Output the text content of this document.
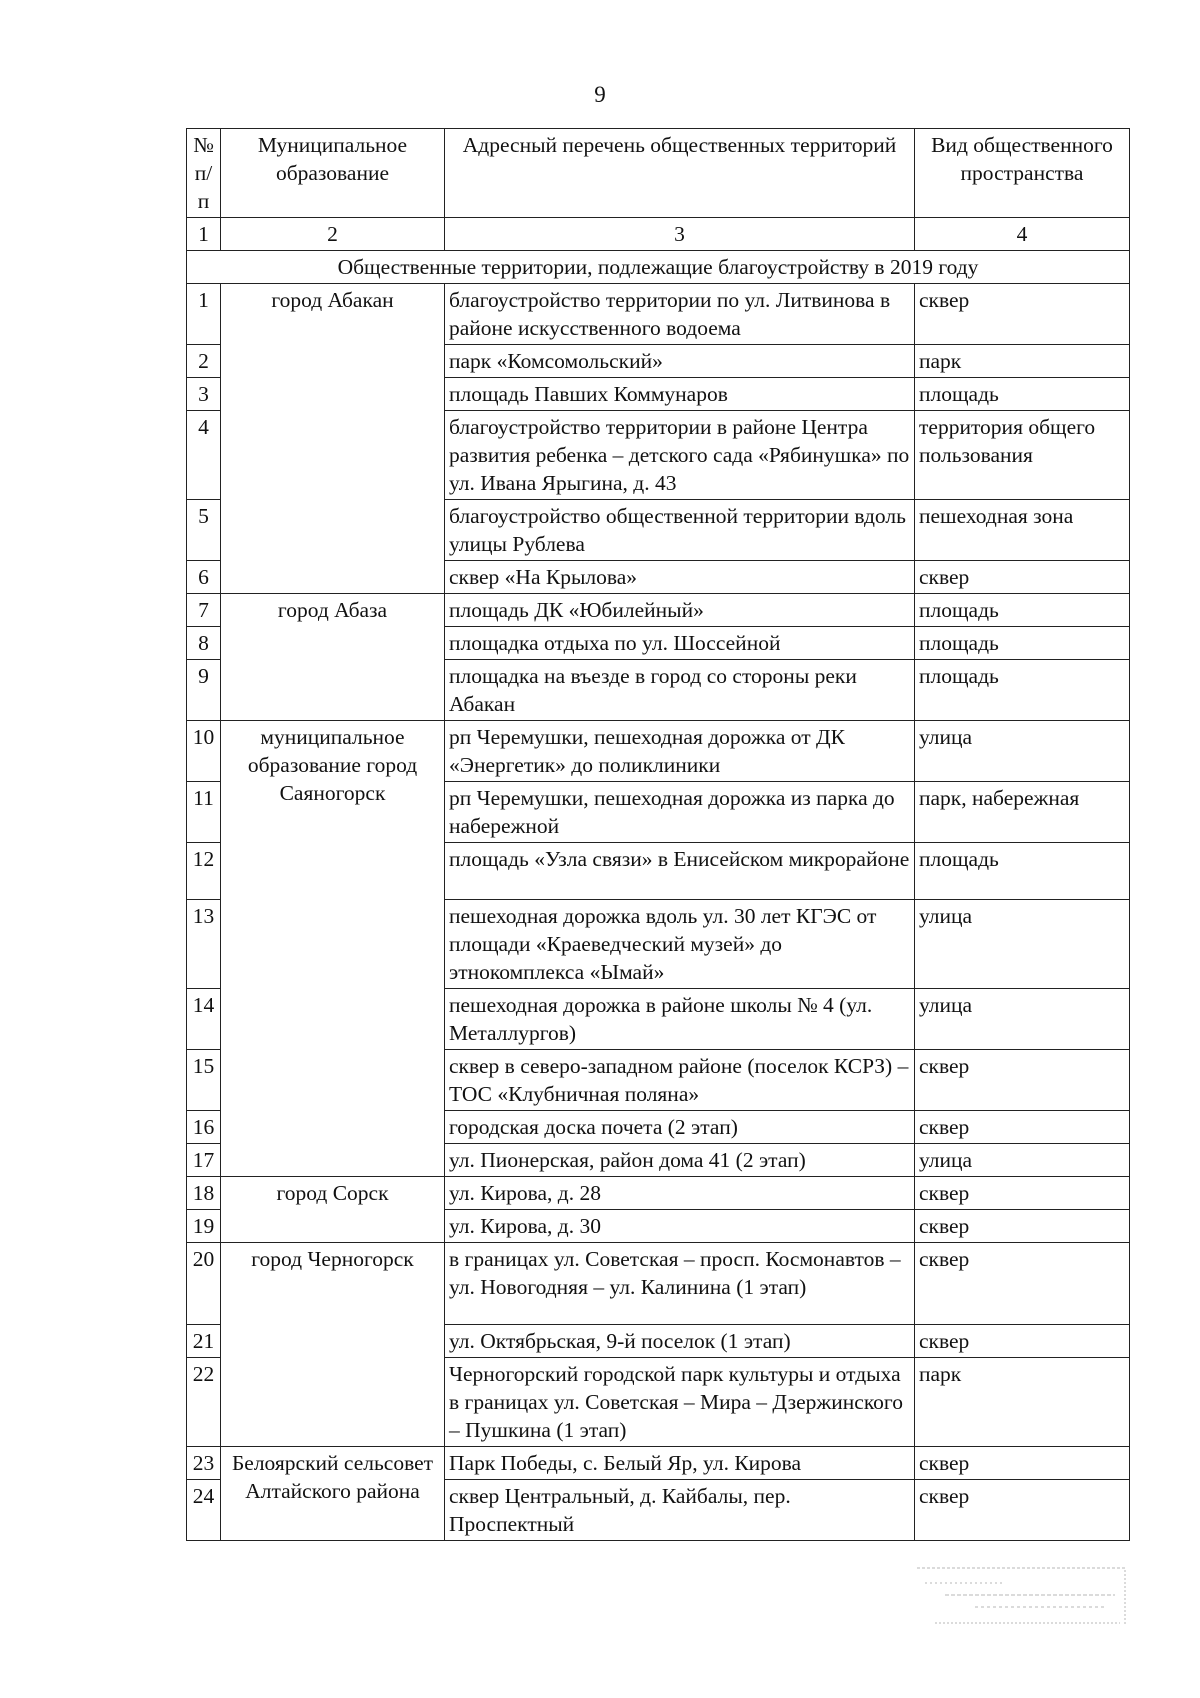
9
№ п/п	Муниципальное образование	Адресный перечень общественных территорий	Вид общественного пространства
1	2	3	4
Общественные территории, подлежащие благоустройству в 2019 году			
1	город Абакан	благоустройство территории по ул. Литвинова в районе искусственного водоема	сквер
2		парк «Комсомольский»	парк
3		площадь Павших Коммунаров	площадь
4		благоустройство территории в районе Центра развития ребенка – детского сада «Рябинушка» по ул. Ивана Ярыгина, д. 43	территория общего пользования
5		благоустройство общественной территории вдоль улицы Рублева	пешеходная зона
6		сквер «На Крылова»	сквер
7	город Абаза	площадь ДК «Юбилейный»	площадь
8		площадка отдыха по ул. Шоссейной	площадь
9		площадка на въезде в город со стороны реки Абакан	площадь
10	муниципальное образование город Саяногорск	рп Черемушки, пешеходная дорожка от ДК «Энергетик» до поликлиники	улица
11		рп Черемушки, пешеходная дорожка из парка до набережной	парк, набережная
12		площадь «Узла связи» в Енисейском микрорайоне	площадь
13		пешеходная дорожка вдоль ул. 30 лет КГЭС от площади «Краеведческий музей» до этнокомплекса «Ымай»	улица
14		пешеходная дорожка в районе школы № 4 (ул. Металлургов)	улица
15		сквер в северо-западном районе (поселок КСРЗ) – ТОС «Клубничная поляна»	сквер
16		городская доска почета (2 этап)	сквер
17		ул. Пионерская, район дома 41 (2 этап)	улица
18	город Сорск	ул. Кирова, д. 28	сквер
19		ул. Кирова, д. 30	сквер
20	город Черногорск	в границах ул. Советская – просп. Космонавтов – ул. Новогодняя – ул. Калинина (1 этап)	сквер
21		ул. Октябрьская, 9-й поселок (1 этап)	сквер
22		Черногорский городской парк культуры и отдыха в границах ул. Советская – Мира – Дзержинского – Пушкина (1 этап)	парк
23	Белоярский сельсовет Алтайского района	Парк Победы, с. Белый Яр, ул. Кирова	сквер
24		сквер Центральный, д. Кайбалы, пер. Проспектный	сквер
